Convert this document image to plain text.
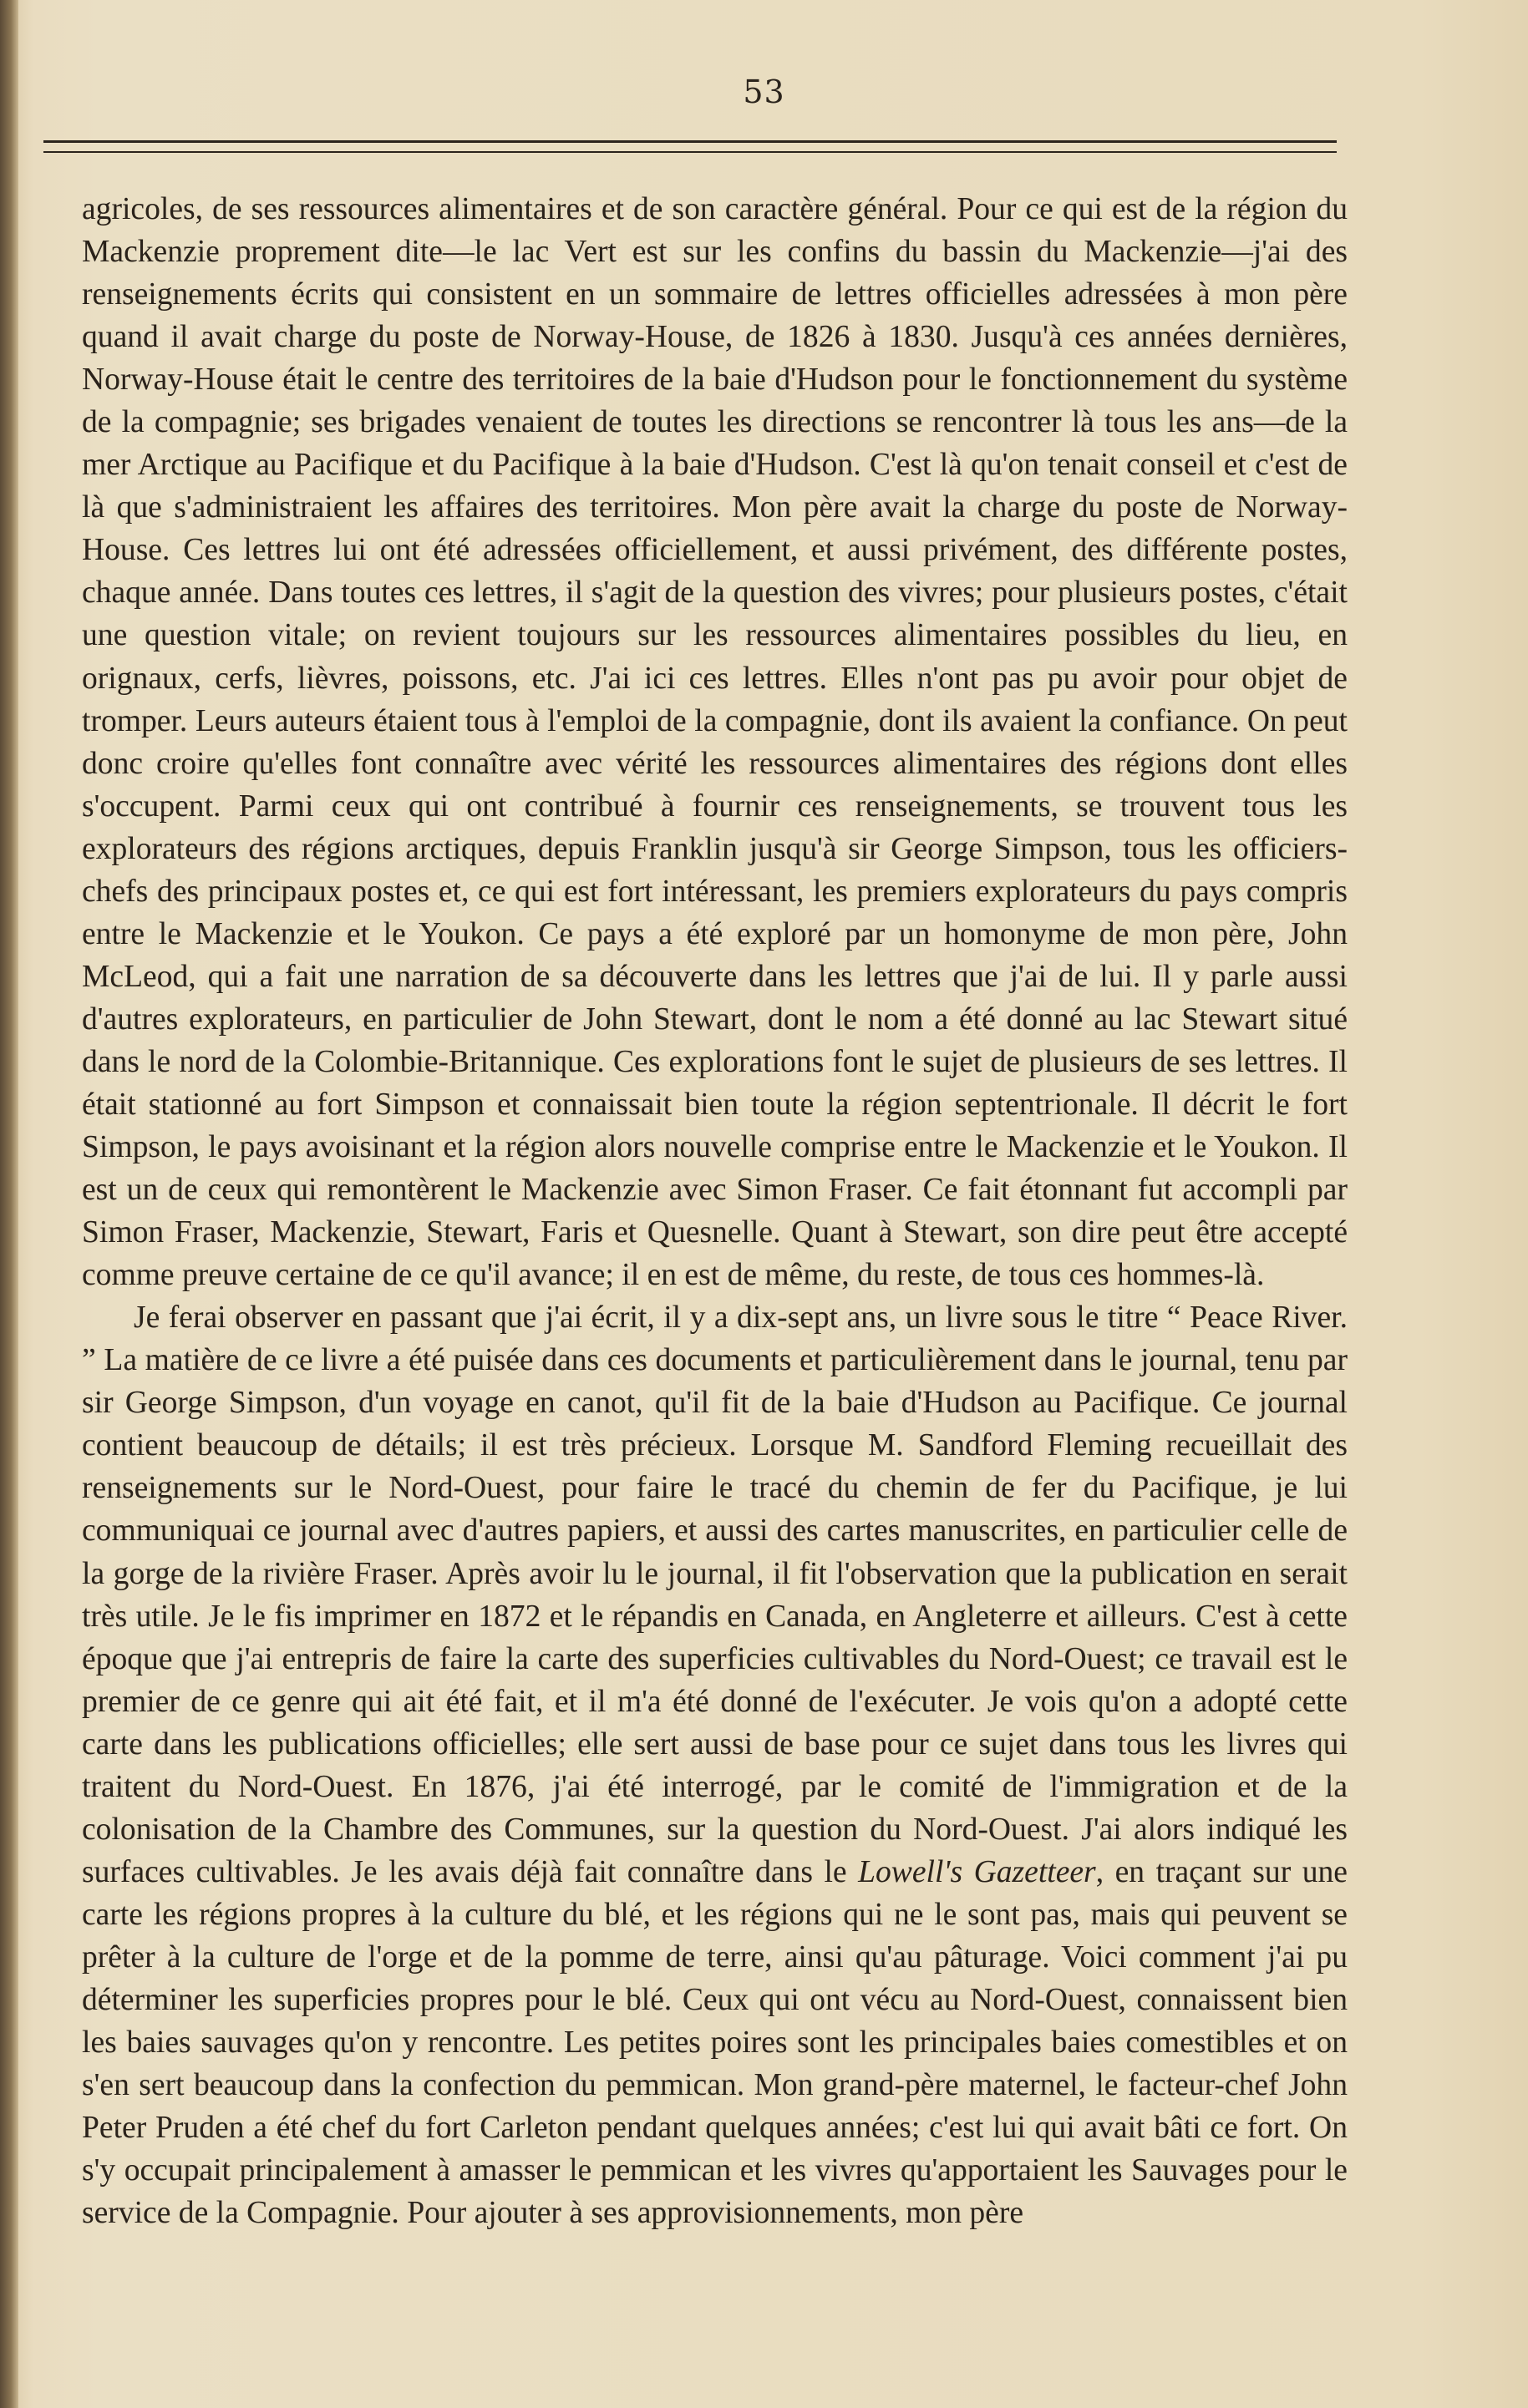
53

agricoles, de ses ressources alimentaires et de son caractère général. Pour ce qui est de la région du Mackenzie proprement dite—le lac Vert est sur les confins du bassin du Mackenzie—j'ai des renseignements écrits qui consistent en un sommaire de lettres officielles adressées à mon père quand il avait charge du poste de Norway-House, de 1826 à 1830. Jusqu'à ces années dernières, Norway-House était le centre des territoires de la baie d'Hudson pour le fonctionnement du système de la compagnie; ses brigades venaient de toutes les directions se rencontrer là tous les ans—de la mer Arctique au Pacifique et du Pacifique à la baie d'Hudson. C'est là qu'on tenait conseil et c'est de là que s'administraient les affaires des territoires. Mon père avait la charge du poste de Norway-House. Ces lettres lui ont été adressées officiellement, et aussi privément, des différente postes, chaque année. Dans toutes ces lettres, il s'agit de la question des vivres; pour plusieurs postes, c'était une question vitale; on revient toujours sur les ressources alimentaires possibles du lieu, en orignaux, cerfs, lièvres, poissons, etc. J'ai ici ces lettres. Elles n'ont pas pu avoir pour objet de tromper. Leurs auteurs étaient tous à l'emploi de la compagnie, dont ils avaient la confiance. On peut donc croire qu'elles font connaître avec vérité les ressources alimentaires des régions dont elles s'occupent. Parmi ceux qui ont contribué à fournir ces renseignements, se trouvent tous les explorateurs des régions arctiques, depuis Franklin jusqu'à sir George Simpson, tous les officiers-chefs des principaux postes et, ce qui est fort intéressant, les premiers explorateurs du pays compris entre le Mackenzie et le Youkon. Ce pays a été exploré par un homonyme de mon père, John McLeod, qui a fait une narration de sa découverte dans les lettres que j'ai de lui. Il y parle aussi d'autres explorateurs, en particulier de John Stewart, dont le nom a été donné au lac Stewart situé dans le nord de la Colombie-Britannique. Ces explorations font le sujet de plusieurs de ses lettres. Il était stationné au fort Simpson et connaissait bien toute la région septentrionale. Il décrit le fort Simpson, le pays avoisinant et la région alors nouvelle comprise entre le Mackenzie et le Youkon. Il est un de ceux qui remontèrent le Mackenzie avec Simon Fraser. Ce fait étonnant fut accompli par Simon Fraser, Mackenzie, Stewart, Faris et Quesnelle. Quant à Stewart, son dire peut être accepté comme preuve certaine de ce qu'il avance; il en est de même, du reste, de tous ces hommes-là.

Je ferai observer en passant que j'ai écrit, il y a dix-sept ans, un livre sous le titre “ Peace River. ” La matière de ce livre a été puisée dans ces documents et particulièrement dans le journal, tenu par sir George Simpson, d'un voyage en canot, qu'il fit de la baie d'Hudson au Pacifique. Ce journal contient beaucoup de détails; il est très précieux. Lorsque M. Sandford Fleming recueillait des renseignements sur le Nord-Ouest, pour faire le tracé du chemin de fer du Pacifique, je lui communiquai ce journal avec d'autres papiers, et aussi des cartes manuscrites, en particulier celle de la gorge de la rivière Fraser. Après avoir lu le journal, il fit l'observation que la publication en serait très utile. Je le fis imprimer en 1872 et le répandis en Canada, en Angleterre et ailleurs. C'est à cette époque que j'ai entrepris de faire la carte des superficies cultivables du Nord-Ouest; ce travail est le premier de ce genre qui ait été fait, et il m'a été donné de l'exécuter. Je vois qu'on a adopté cette carte dans les publications officielles; elle sert aussi de base pour ce sujet dans tous les livres qui traitent du Nord-Ouest. En 1876, j'ai été interrogé, par le comité de l'immigration et de la colonisation de la Chambre des Communes, sur la question du Nord-Ouest. J'ai alors indiqué les surfaces cultivables. Je les avais déjà fait connaître dans le Lowell's Gazetteer, en traçant sur une carte les régions propres à la culture du blé, et les régions qui ne le sont pas, mais qui peuvent se prêter à la culture de l'orge et de la pomme de terre, ainsi qu'au pâturage. Voici comment j'ai pu déterminer les superficies propres pour le blé. Ceux qui ont vécu au Nord-Ouest, connaissent bien les baies sauvages qu'on y rencontre. Les petites poires sont les principales baies comestibles et on s'en sert beaucoup dans la confection du pemmican. Mon grand-père maternel, le facteur-chef John Peter Pruden a été chef du fort Carleton pendant quelques années; c'est lui qui avait bâti ce fort. On s'y occupait principalement à amasser le pemmican et les vivres qu'apportaient les Sauvages pour le service de la Compagnie. Pour ajouter à ses approvisionnements, mon père
